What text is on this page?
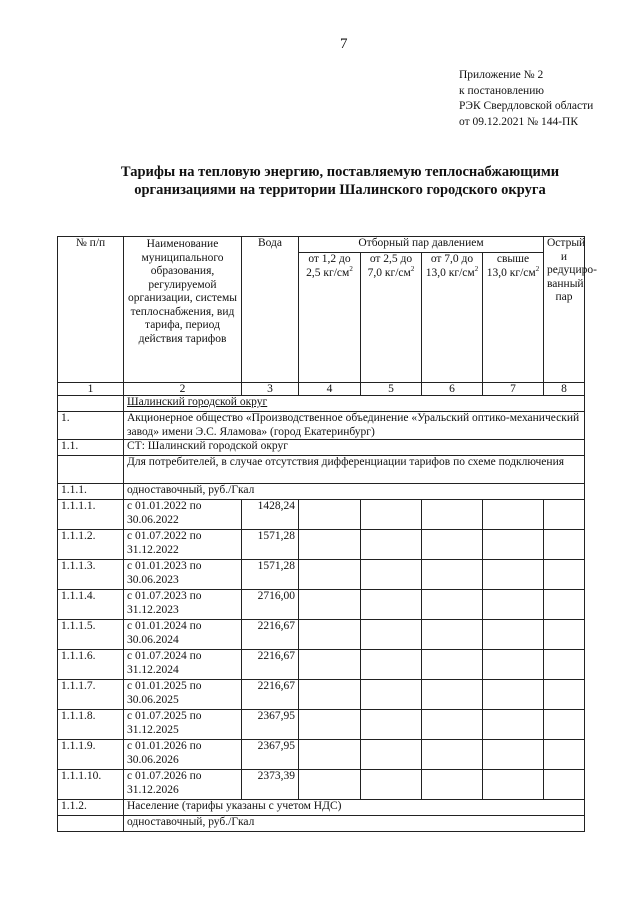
7
Приложение № 2
к постановлению
РЭК Свердловской области
от 09.12.2021 № 144-ПК
Тарифы на тепловую энергию, поставляемую теплоснабжающими
организациями на территории Шалинского городского округа
№ п/п	Наименование муниципального образования, регулируемой организации, системы теплоснабжения, вид тарифа, период действия тарифов	Вода	Отборный пар давлением				Острый и редуциро-ванный пар
			от 1,2 до 2,5 $кг/см^2$	от 2,5 до 7,0 $кг/см^2$	от 7,0 до 13,0 $кг/см^2$	свыше 13,0 $кг/см^2$
1	2	3	4	5	6	7	8
	Шалинский городской округ						
1.	Акционерное общество «Производственное объединение «Уральский оптико-механический завод» имени Э.С. Яламова» (город Екатеринбург)						
1.1.	СТ: Шалинский городской округ						
	Для потребителей, в случае отсутствия дифференциации тарифов по схеме подключения						
1.1.1.	одноставочный, руб./Гкал						
1.1.1.1.	с 01.01.2022 по 30.06.2022	1428,24					
1.1.1.2.	с 01.07.2022 по 31.12.2022	1571,28					
1.1.1.3.	с 01.01.2023 по 30.06.2023	1571,28					
1.1.1.4.	с 01.07.2023 по 31.12.2023	2716,00					
1.1.1.5.	с 01.01.2024 по 30.06.2024	2216,67					
1.1.1.6.	с 01.07.2024 по 31.12.2024	2216,67					
1.1.1.7.	с 01.01.2025 по 30.06.2025	2216,67					
1.1.1.8.	с 01.07.2025 по 31.12.2025	2367,95					
1.1.1.9.	с 01.01.2026 по 30.06.2026	2367,95					
1.1.1.10.	с 01.07.2026 по 31.12.2026	2373,39					
1.1.2.	Население (тарифы указаны с учетом НДС)						
	одноставочный, руб./Гкал						
